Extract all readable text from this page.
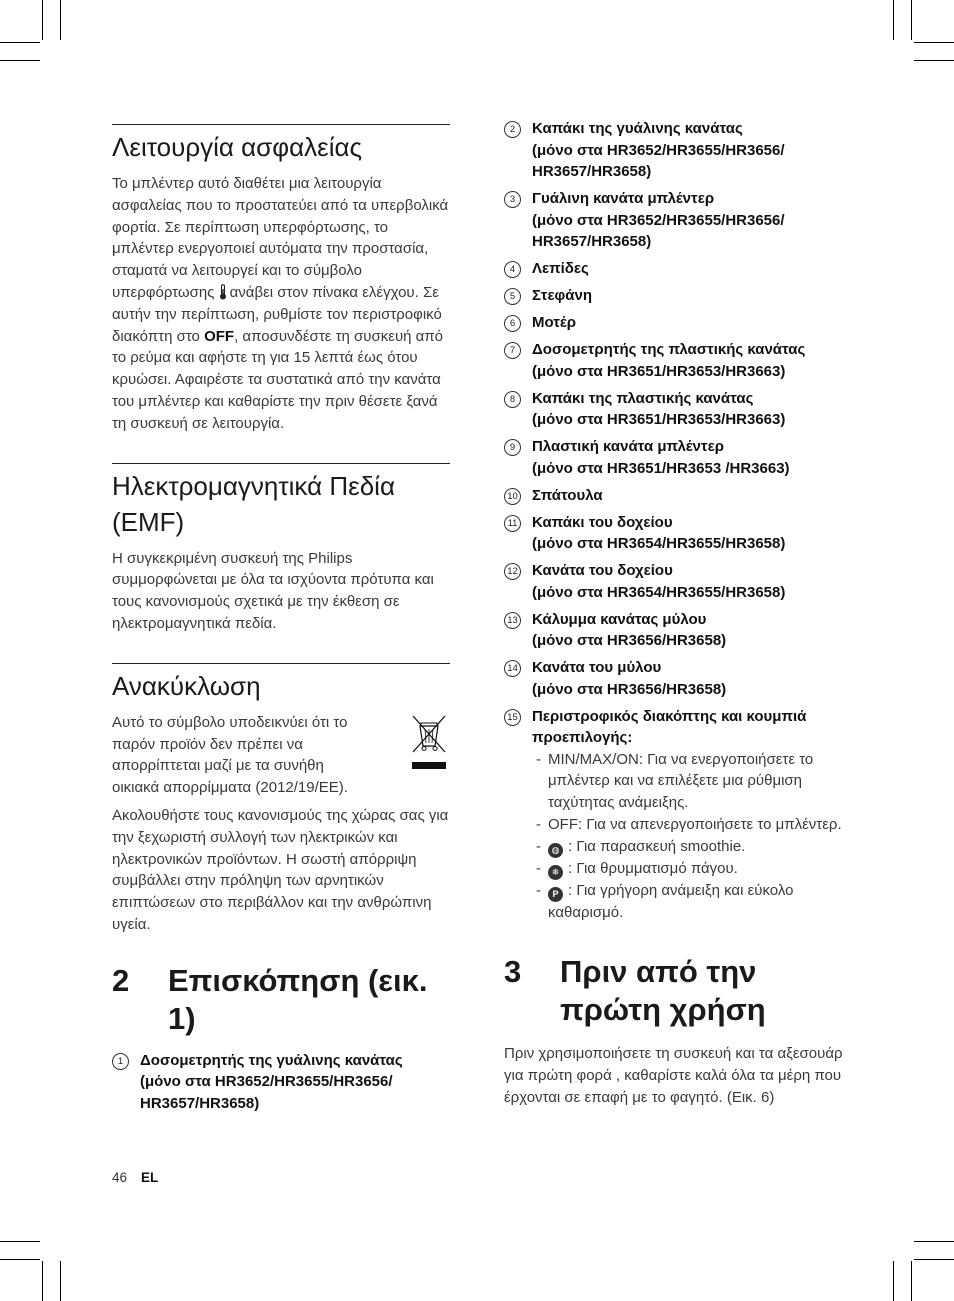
Λειτουργία ασφαλείας

Το μπλέντερ αυτό διαθέτει μια λειτουργία ασφαλείας που το προστατεύει από τα υπερβολικά φορτία. Σε περίπτωση υπερφόρτωσης, το μπλέντερ ενεργοποιεί αυτόματα την προστασία, σταματά να λειτουργεί και το σύμβολο υπερφόρτωσης ανάβει στον πίνακα ελέγχου. Σε αυτήν την περίπτωση, ρυθμίστε τον περιστροφικό διακόπτη στο OFF, αποσυνδέστε τη συσκευή από το ρεύμα και αφήστε τη για 15 λεπτά έως ότου κρυώσει. Αφαιρέστε τα συστατικά από την κανάτα του μπλέντερ και καθαρίστε την πριν θέσετε ξανά τη συσκευή σε λειτουργία.

Ηλεκτρομαγνητικά Πεδία (EMF)

Η συγκεκριμένη συσκευή της Philips συμμορφώνεται με όλα τα ισχύοντα πρότυπα και τους κανονισμούς σχετικά με την έκθεση σε ηλεκτρομαγνητικά πεδία.

Ανακύκλωση

Αυτό το σύμβολο υποδεικνύει ότι το παρόν προϊόν δεν πρέπει να απορρίπτεται μαζί με τα συνήθη οικιακά απορρίμματα (2012/19/EE).

Ακολουθήστε τους κανονισμούς της χώρας σας για την ξεχωριστή συλλογή των ηλεκτρικών και ηλεκτρονικών προϊόντων. Η σωστή απόρριψη συμβάλλει στην πρόληψη των αρνητικών επιπτώσεων στο περιβάλλον και την ανθρώπινη υγεία.

2	Επισκόπηση (εικ. 1)
1	Δοσομετρητής της γυάλινης κανάτας
(μόνο στα HR3652/HR3655/HR3656/ HR3657/HR3658)
2	Καπάκι της γυάλινης κανάτας
(μόνο στα HR3652/HR3655/HR3656/ HR3657/HR3658)
3	Γυάλινη κανάτα μπλέντερ
(μόνο στα HR3652/HR3655/HR3656/ HR3657/HR3658)
4	Λεπίδες
5	Στεφάνη
6	Μοτέρ
7	Δοσομετρητής της πλαστικής κανάτας
(μόνο στα HR3651/HR3653/HR3663)
8	Καπάκι της πλαστικής κανάτας
(μόνο στα HR3651/HR3653/HR3663)
9	Πλαστική κανάτα μπλέντερ
(μόνο στα HR3651/HR3653 /HR3663)
10 Σπάτουλα
11 Καπάκι του δοχείου
(μόνο στα HR3654/HR3655/HR3658)
12 Κανάτα του δοχείου
(μόνο στα HR3654/HR3655/HR3658)
13 Κάλυμμα κανάτας μύλου
(μόνο στα HR3656/HR3658)
14 Κανάτα του μύλου
(μόνο στα HR3656/HR3658)
15 Περιστροφικός διακόπτης και κουμπιά προεπιλογής:
- MIN/MAX/ON: Για να ενεργοποιήσετε το μπλέντερ και να επιλέξετε μια ρύθμιση ταχύτητας ανάμειξης.
- OFF: Για να απενεργοποιήσετε το μπλέντερ.
-	◍ : Για παρασκευή smoothie.
-	❄ : Για θρυμματισμό πάγου.
-	P : Για γρήγορη ανάμειξη και εύκολο καθαρισμό.
3	Πριν από την πρώτη χρήση

Πριν χρησιμοποιήσετε τη συσκευή και τα αξεσουάρ για πρώτη φορά , καθαρίστε καλά όλα τα μέρη που έρχονται σε επαφή με το φαγητό. (Εικ. 6)

46 EL
